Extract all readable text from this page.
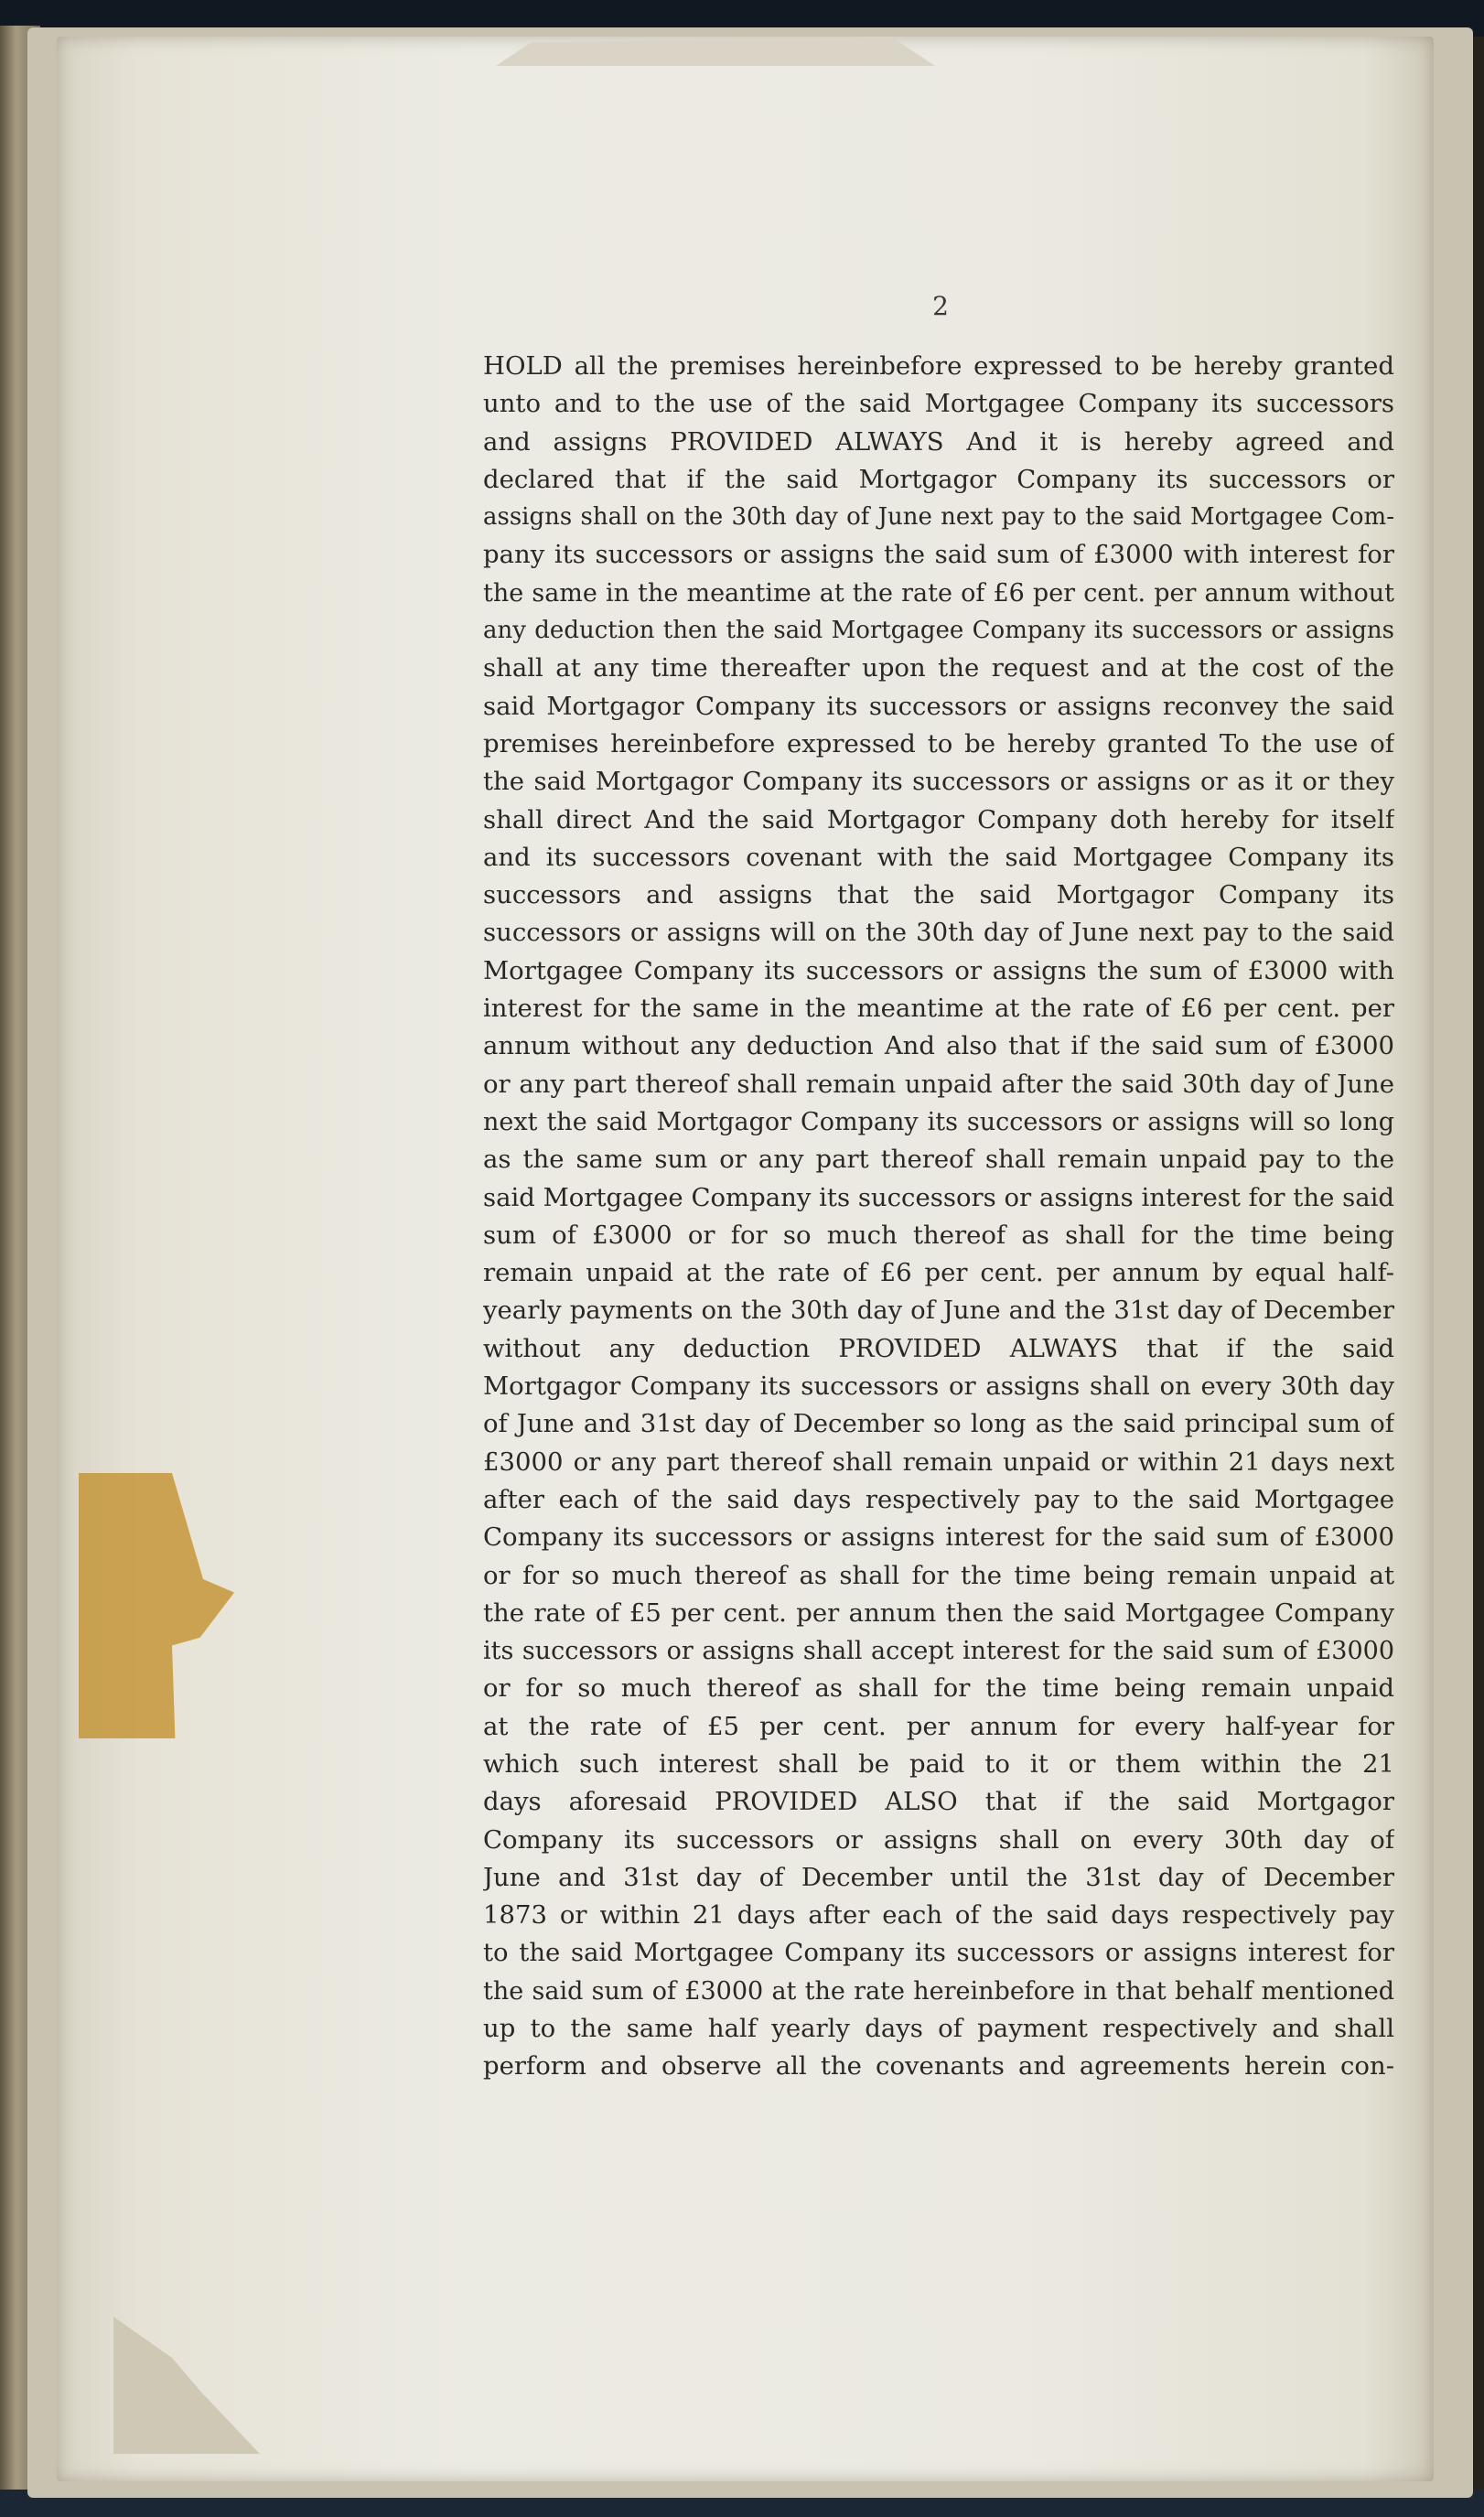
2
HOLD all the premises hereinbefore expressed to be hereby granted
unto and to the use of the said Mortgagee Company its successors
and assigns PROVIDED ALWAYS And it is hereby agreed and
declared that if the said Mortgagor Company its successors or
assigns shall on the 30th day of June next pay to the said Mortgagee Com-
pany its successors or assigns the said sum of £3000 with interest for
the same in the meantime at the rate of £6 per cent. per annum without
any deduction then the said Mortgagee Company its successors or assigns
shall at any time thereafter upon the request and at the cost of the
said Mortgagor Company its successors or assigns reconvey the said
premises hereinbefore expressed to be hereby granted To the use of
the said Mortgagor Company its successors or assigns or as it or they
shall direct And the said Mortgagor Company doth hereby for itself
and its successors covenant with the said Mortgagee Company its
successors and assigns that the said Mortgagor Company its
successors or assigns will on the 30th day of June next pay to the said
Mortgagee Company its successors or assigns the sum of £3000 with
interest for the same in the meantime at the rate of £6 per cent. per
annum without any deduction And also that if the said sum of £3000
or any part thereof shall remain unpaid after the said 30th day of June
next the said Mortgagor Company its successors or assigns will so long
as the same sum or any part thereof shall remain unpaid pay to the
said Mortgagee Company its successors or assigns interest for the said
sum of £3000 or for so much thereof as shall for the time being
remain unpaid at the rate of £6 per cent. per annum by equal half-
yearly payments on the 30th day of June and the 31st day of December
without any deduction PROVIDED ALWAYS that if the said
Mortgagor Company its successors or assigns shall on every 30th day
of June and 31st day of December so long as the said principal sum of
£3000 or any part thereof shall remain unpaid or within 21 days next
after each of the said days respectively pay to the said Mortgagee
Company its successors or assigns interest for the said sum of £3000
or for so much thereof as shall for the time being remain unpaid at
the rate of £5 per cent. per annum then the said Mortgagee Company
its successors or assigns shall accept interest for the said sum of £3000
or for so much thereof as shall for the time being remain unpaid
at the rate of £5 per cent. per annum for every half-year for
which such interest shall be paid to it or them within the 21
days aforesaid PROVIDED ALSO that if the said Mortgagor
Company its successors or assigns shall on every 30th day of
June and 31st day of December until the 31st day of December
1873 or within 21 days after each of the said days respectively pay
to the said Mortgagee Company its successors or assigns interest for
the said sum of £3000 at the rate hereinbefore in that behalf mentioned
up to the same half yearly days of payment respectively and shall
perform and observe all the covenants and agreements herein con-
